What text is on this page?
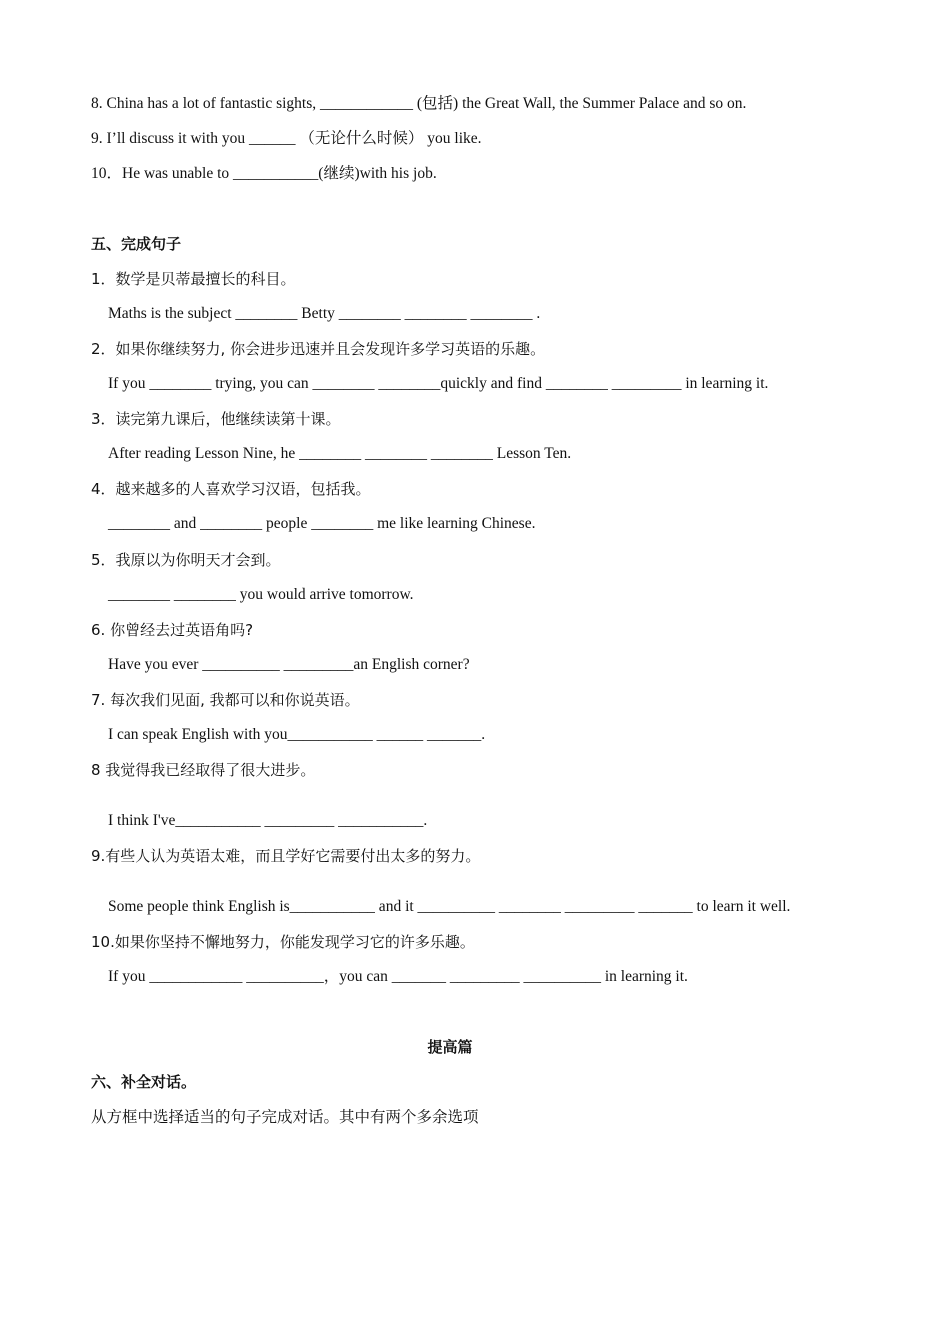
8. China has a lot of fantastic sights, ____________ (包括) the Great Wall, the Summer Palace and so on.

9. I’ll discuss it with you ______ （无论什么时候） you like.

10．He was unable to ___________(继续)with his job.

五、完成句子

1．数学是贝蒂最擅长的科目。

Maths is the subject ________ Betty ________ ________ ________ .

2．如果你继续努力, 你会进步迅速并且会发现许多学习英语的乐趣。

If you ________ trying, you can ________ ________quickly and find ________ _________ in learning it.

3．读完第九课后，他继续读第十课。

After reading Lesson Nine, he ________ ________ ________ Lesson Ten.

4．越来越多的人喜欢学习汉语，包括我。

________ and ________ people ________ me like learning Chinese.

5．我原以为你明天才会到。

________ ________ you would arrive tomorrow.

6. 你曾经去过英语角吗?

Have you ever __________ _________an English corner?

7. 每次我们见面, 我都可以和你说英语。

I can speak English with you___________ ______ _______.

8 我觉得我已经取得了很大进步。

I think I've___________ _________ ___________.

9.有些人认为英语太难，而且学好它需要付出太多的努力。

Some people think English is___________ and it __________ ________ _________ _______ to learn it well.

10.如果你坚持不懈地努力，你能发现学习它的许多乐趣。

If you ____________ __________，you can _______ _________ __________ in learning it.

提高篇

六、补全对话。

从方框中选择适当的句子完成对话。其中有两个多余选项
